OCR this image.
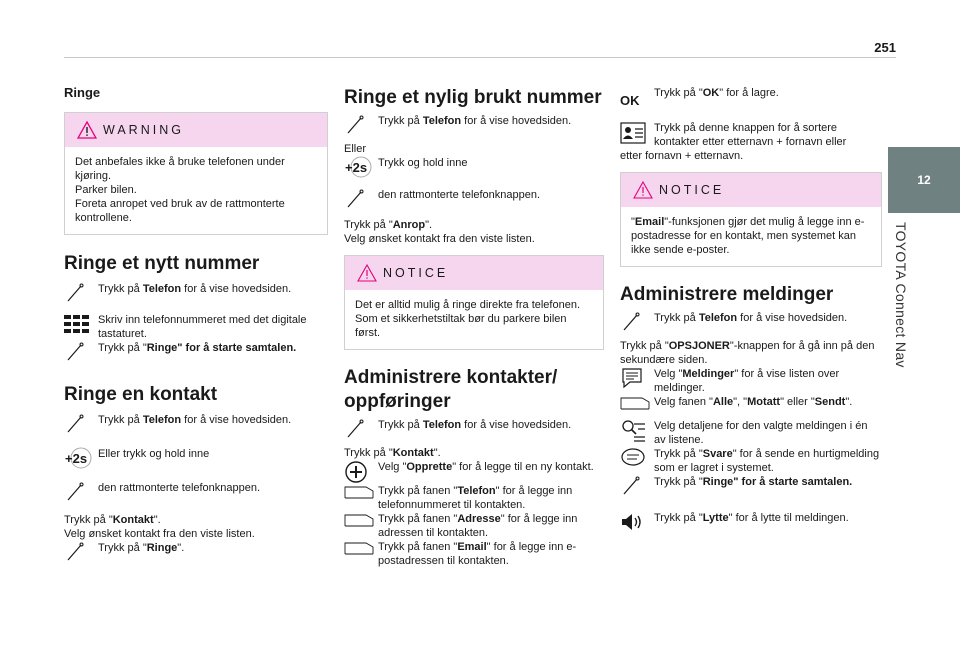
251
12
TOYOTA Connect Nav
Ringe
WARNING

Det anbefales ikke å bruke telefonen under

kjøring.

Parker bilen.

Foreta anropet ved bruk av de rattmonterte

kontrollene.

Ringe et nytt nummer

Trykk på Telefon for å vise hovedsiden.

Skriv inn telefonnummeret med det digitale tastaturet.

Trykk på "Ringe" for å starte samtalen.

Ringe en kontakt

Trykk på Telefon for å vise hovedsiden.

+2s Eller trykk og hold inne

den rattmonterte telefonknappen.

Trykk på "Kontakt".
Velg ønsket kontakt fra den viste listen.

Trykk på "Ringe".

Ringe et nylig brukt nummer

Trykk på Telefon for å vise hovedsiden.

Eller

+2s Trykk og hold inne

den rattmonterte telefonknappen.

Trykk på "Anrop".
Velg ønsket kontakt fra den viste listen.

NOTICE

Det er alltid mulig å ringe direkte fra telefonen. Som et sikkerhetstiltak bør du parkere bilen først.

Administrere kontakter/
oppføringer

Trykk på Telefon for å vise hovedsiden.

Trykk på "Kontakt".

Velg "Opprette" for å legge til en ny kontakt.

Trykk på fanen "Telefon" for å legge inn telefonnummeret til kontakten.

Trykk på fanen "Adresse" for å legge inn adressen til kontakten.

Trykk på fanen "Email" for å legge inn e-postadressen til kontakten.

OK Trykk på "OK" for å lagre.

Trykk på denne knappen for å sortere kontakter etter etternavn + fornavn eller

etter fornavn + etternavn.

NOTICE

"Email"-funksjonen gjør det mulig å legge inn e-postadresse for en kontakt, men systemet kan ikke sende e-poster.

Administrere meldinger

Trykk på Telefon for å vise hovedsiden.

Trykk på "OPSJONER"-knappen for å gå inn på den sekundære siden.

Velg "Meldinger" for å vise listen over meldinger.

Velg fanen "Alle", "Motatt" eller "Sendt".

Velg detaljene for den valgte meldingen i én av listene.

Trykk på "Svare" for å sende en hurtigmelding som er lagret i systemet.

Trykk på "Ringe" for å starte samtalen.

Trykk på "Lytte" for å lytte til meldingen.
